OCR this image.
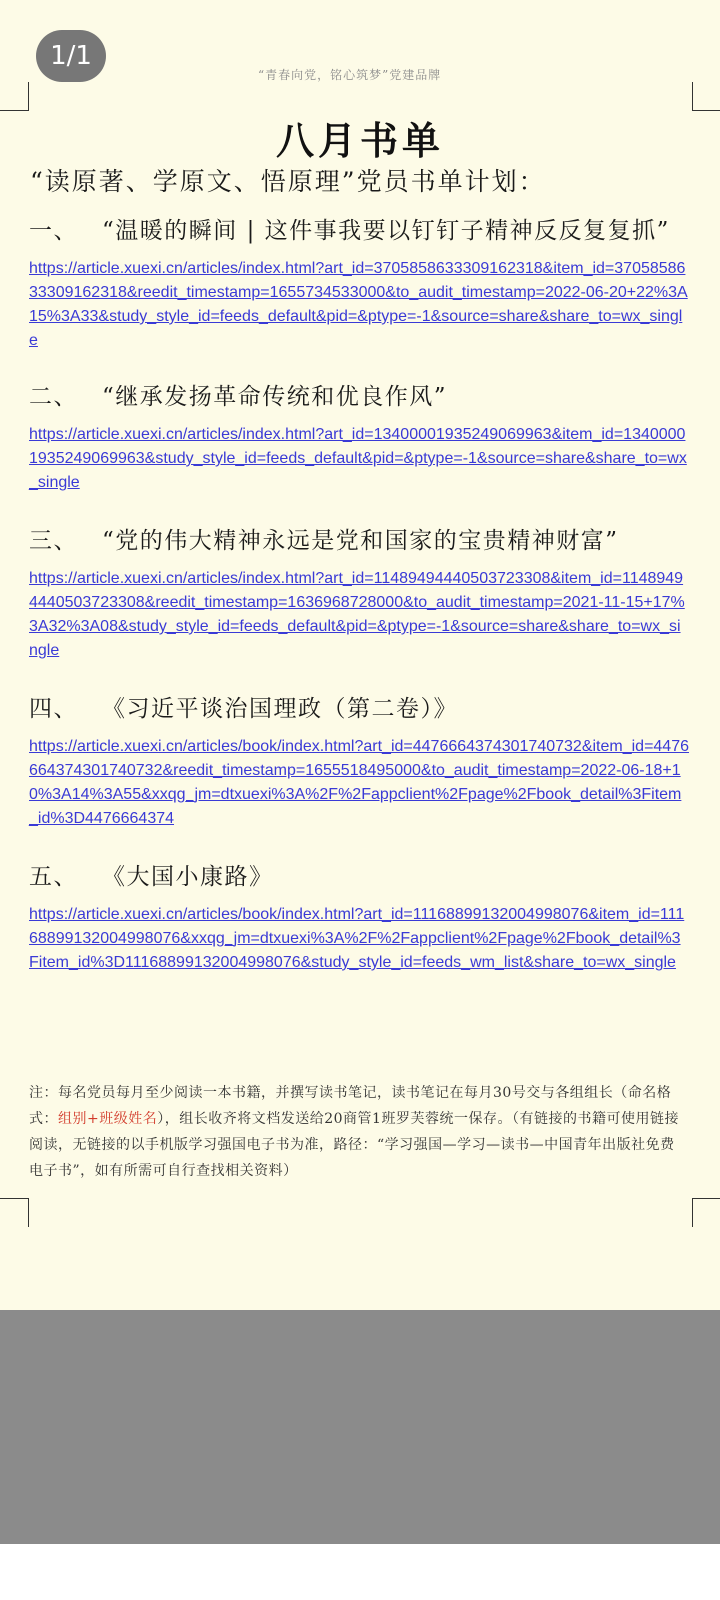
1/1
“青春向党，铭心筑梦”党建品牌
八月书单
“读原著、学原文、悟原理”党员书单计划：
一、 “温暖的瞬间 | 这件事我要以钉钉子精神反反复复抓”
https://article.xuexi.cn/articles/index.html?art_id=3705858633309162318&item_id=3705858633309162318&reedit_timestamp=1655734533000&to_audit_timestamp=2022-06-20+22%3A15%3A33&study_style_id=feeds_default&pid=&ptype=-1&source=share&share_to=wx_single
二、 “继承发扬革命传统和优良作风”
https://article.xuexi.cn/articles/index.html?art_id=13400001935249069963&item_id=13400001935249069963&study_style_id=feeds_default&pid=&ptype=-1&source=share&share_to=wx_single
三、 “党的伟大精神永远是党和国家的宝贵精神财富”
https://article.xuexi.cn/articles/index.html?art_id=11489494440503723308&item_id=11489494440503723308&reedit_timestamp=1636968728000&to_audit_timestamp=2021-11-15+17%3A32%3A08&study_style_id=feeds_default&pid=&ptype=-1&source=share&share_to=wx_single
四、 《习近平谈治国理政（第二卷）》
https://article.xuexi.cn/articles/book/index.html?art_id=4476664374301740732&item_id=4476664374301740732&reedit_timestamp=1655518495000&to_audit_timestamp=2022-06-18+10%3A14%3A55&xxqg_jm=dtxuexi%3A%2F%2Fappclient%2Fpage%2Fbook_detail%3Fitem_id%3D4476664374
五、 《大国小康路》
https://article.xuexi.cn/articles/book/index.html?art_id=11168899132004998076&item_id=11168899132004998076&xxqg_jm=dtxuexi%3A%2F%2Fappclient%2Fpage%2Fbook_detail%3Fitem_id%3D11168899132004998076&study_style_id=feeds_wm_list&share_to=wx_single
注：每名党员每月至少阅读一本书籍，并撰写读书笔记，读书笔记在每月30号交与各组组长（命名格式：组别+班级姓名），组长收齐将文档发送给20商管1班罗芙蓉统一保存。（有链接的书籍可使用链接阅读，无链接的以手机版学习强国电子书为准，路径：“学习强国—学习—读书—中国青年出版社免费电子书”，如有所需可自行查找相关资料）
